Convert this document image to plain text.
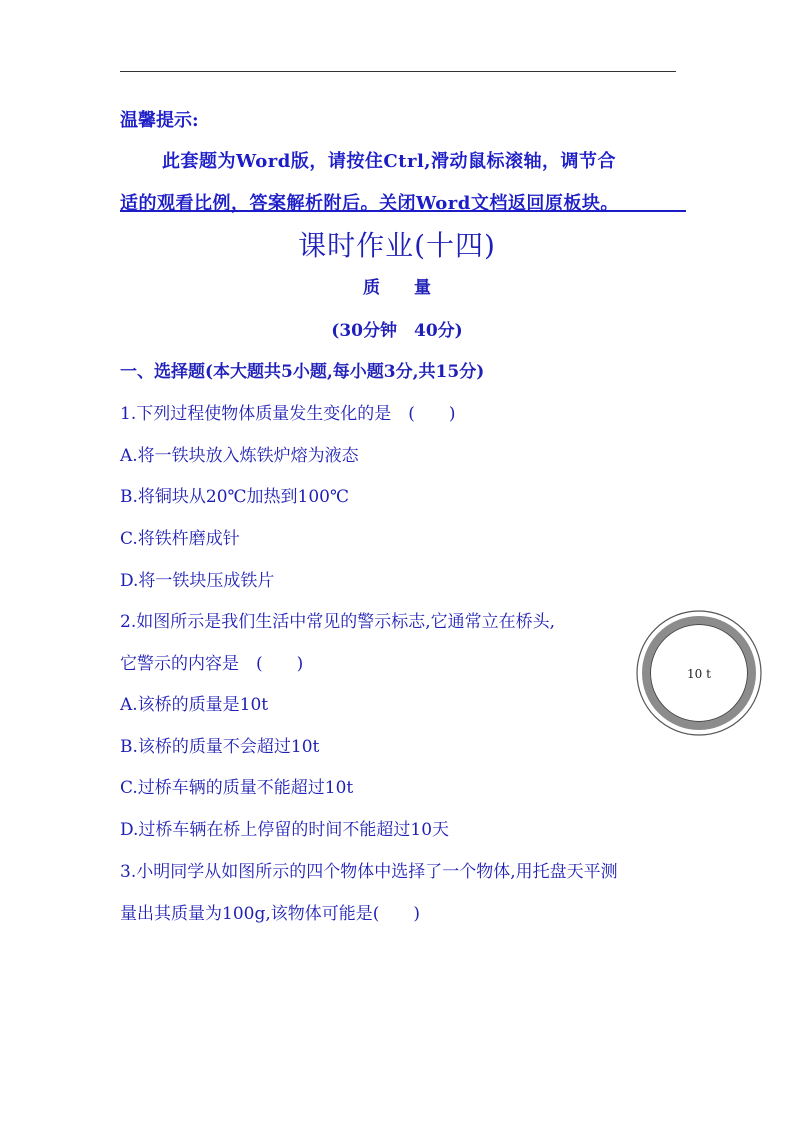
温馨提示:
此套题为Word版，请按住Ctrl,滑动鼠标滚轴，调节合
适的观看比例，答案解析附后。关闭Word文档返回原板块。
课时作业(十四)
质　　量
(30分钟　40分)
一、选择题(本大题共5小题,每小题3分,共15分)
1.下列过程使物体质量发生变化的是　(　　)
A.将一铁块放入炼铁炉熔为液态
B.将铜块从20℃加热到100℃
C.将铁杵磨成针
D.将一铁块压成铁片
2.如图所示是我们生活中常见的警示标志,它通常立在桥头,
它警示的内容是　(　　)
A.该桥的质量是10t
B.该桥的质量不会超过10t
C.过桥车辆的质量不能超过10t
D.过桥车辆在桥上停留的时间不能超过10天
10 t
3.小明同学从如图所示的四个物体中选择了一个物体,用托盘天平测
量出其质量为100g,该物体可能是(　　)
